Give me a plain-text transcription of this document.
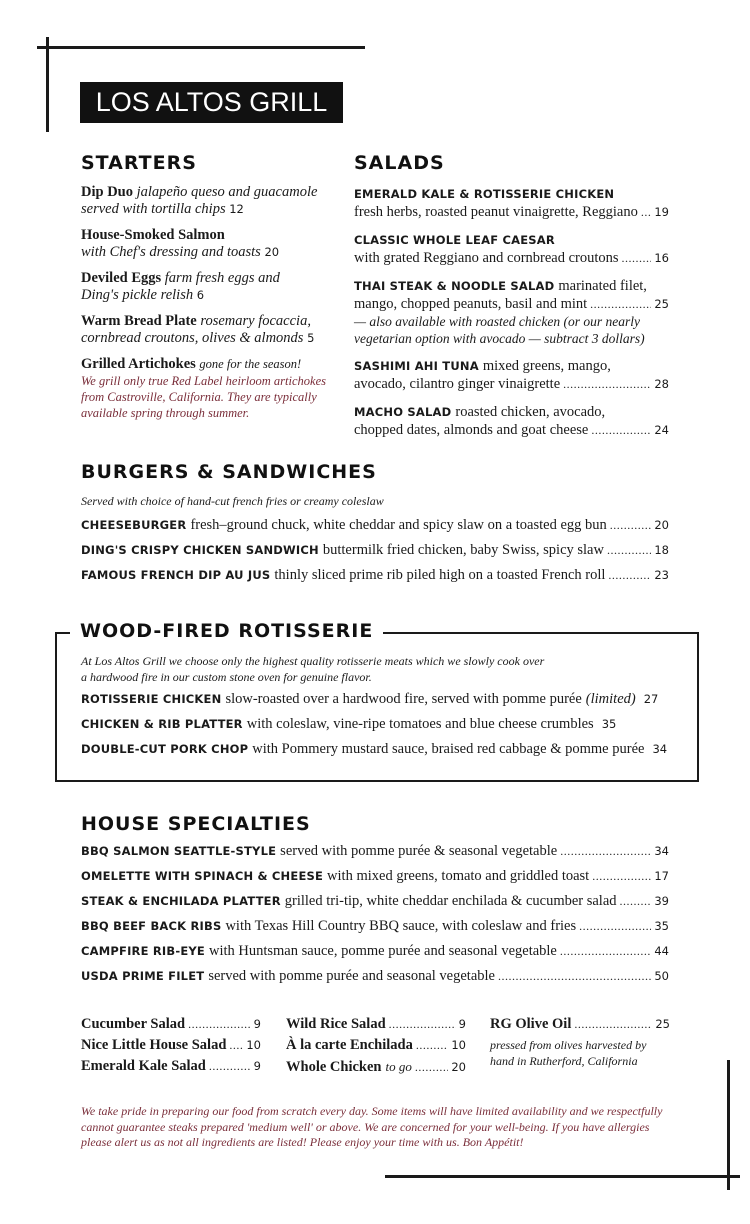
LOS ALTOS GRILL
STARTERS
Dip Duo jalapeño queso and guacamole served with tortilla chips 12
House-Smoked Salmon
with Chef's dressing and toasts 20
Deviled Eggs farm fresh eggs and Ding's pickle relish 6
Warm Bread Plate rosemary focaccia, cornbread croutons, olives & almonds 5
Grilled Artichokes gone for the season!
We grill only true Red Label heirloom artichokes from Castroville, California. They are typically available spring through summer.
SALADS
EMERALD KALE & ROTISSERIE CHICKEN
fresh herbs, roasted peanut vinaigrette, Reggiano ..... 19
CLASSIC WHOLE LEAF CAESAR
with grated Reggiano and cornbread croutons .....	16
THAI STEAK & NOODLE SALAD
marinated filet,
mango, chopped peanuts, basil and mint .....	25
— also available with roasted chicken (or our nearly vegetarian option with avocado — subtract 3 dollars)
SASHIMI AHI TUNA
mixed greens, mango,
avocado, cilantro ginger vinaigrette .....	28
MACHO SALAD
roasted chicken, avocado,
chopped dates, almonds and goat cheese .....	24
BURGERS & SANDWICHES
Served with choice of hand-cut french fries or creamy coleslaw
CHEESEBURGER
fresh–ground chuck, white cheddar and spicy slaw on a toasted egg bun .....	20
DING'S CRISPY CHICKEN SANDWICH
buttermilk fried chicken, baby Swiss, spicy slaw .....	18
FAMOUS FRENCH DIP AU JUS
thinly sliced prime rib piled high on a toasted French roll .....	23
WOOD-FIRED ROTISSERIE
At Los Altos Grill we choose only the highest quality rotisserie meats which we slowly cook over a hardwood fire in our custom stone oven for genuine flavor.
ROTISSERIE CHICKEN
slow-roasted over a hardwood fire, served with pomme purée
(limited)
27
CHICKEN & RIB PLATTER
with coleslaw, vine-ripe tomatoes and blue cheese crumbles
35
DOUBLE-CUT PORK CHOP
with Pommery mustard sauce, braised red cabbage & pomme purée
34
HOUSE SPECIALTIES
BBQ SALMON SEATTLE-STYLE
served with pomme purée & seasonal vegetable .....	34
OMELETTE WITH SPINACH & CHEESE
with mixed greens, tomato and griddled toast .....	17
STEAK & ENCHILADA PLATTER
grilled tri-tip, white cheddar enchilada & cucumber salad .....	39
BBQ BEEF BACK RIBS
with Texas Hill Country BBQ sauce, with coleslaw and fries .....	35
CAMPFIRE RIB-EYE
with Huntsman sauce, pomme purée and seasonal vegetable .....	44
USDA PRIME FILET
served with pomme purée and seasonal vegetable .....	50
Cucumber Salad .....	9
Nice Little House Salad ..... 10
Emerald Kale Salad .....	9
Wild Rice Salad .....	9
À la carte Enchilada .....	10
Whole Chicken
to go .....	20
RG Olive Oil .....	25
pressed from olives harvested by hand in Rutherford, California
We take pride in preparing our food from scratch every day. Some items will have limited availability and we respectfully cannot guarantee steaks prepared 'medium well' or above. We are concerned for your well-being. If you have allergies please alert us as not all ingredients are listed! Please enjoy your time with us. Bon Appétit!
